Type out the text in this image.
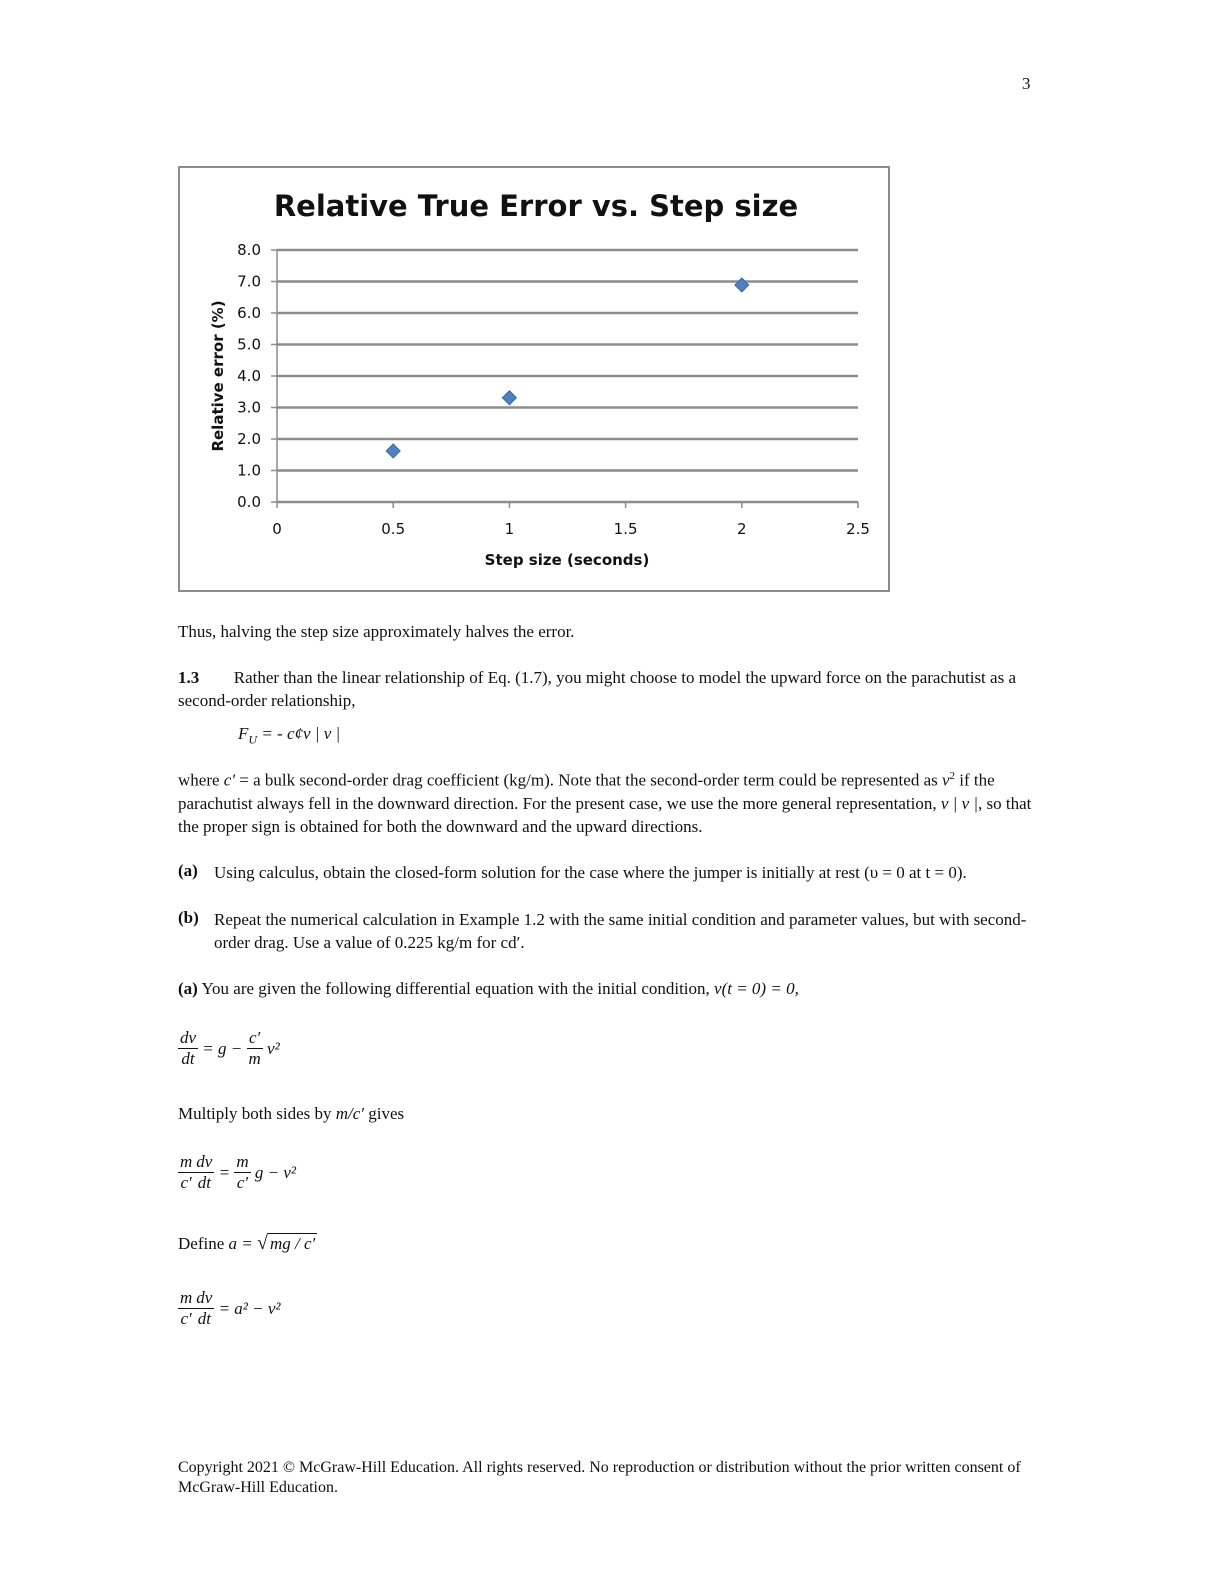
3
Relative True Error vs. Step size
0.0
1.0
2.0
3.0
4.0
5.0
6.0
7.0
8.0
0	0.5	1	1.5	2	2.5
Relative error (%)
Step size (seconds)
Thus, halving the step size approximately halves the error.
1.3 Rather than the linear relationship of Eq. (1.7), you might choose to model the upward force on the parachutist as a second-order relationship,
$F_U$ = - c¢v | v |
where c′ = a bulk second-order drag coefficient (kg/m). Note that the second-order term could be represented as $v^2$ if the parachutist always fell in the downward direction. For the present case, we use the more general representation, v | v |, so that the proper sign is obtained for both the downward and the upward directions.
(a) Using calculus, obtain the closed-form solution for the case where the jumper is initially at rest (υ = 0 at t = 0).
(b) Repeat the numerical calculation in Example 1.2 with the same initial condition and parameter values, but with second-order drag. Use a value of 0.225 kg/m for cd′.
(a) You are given the following differential equation with the initial condition, v(t = 0) = 0,
$\frac{dv}{dt} = g - \frac{c'}{m} v^2$
Multiply both sides by m/c′ gives
$\frac{m}{c'} \frac{dv}{dt} = \frac{m}{c'}$ g − v²
Define a = √ mg / c′
$\frac{m}{c'} \frac{dv}{dt} = a^2 - v^2$
Copyright 2021 © McGraw-Hill Education. All rights reserved. No reproduction or distribution without the prior written consent of McGraw-Hill Education.
